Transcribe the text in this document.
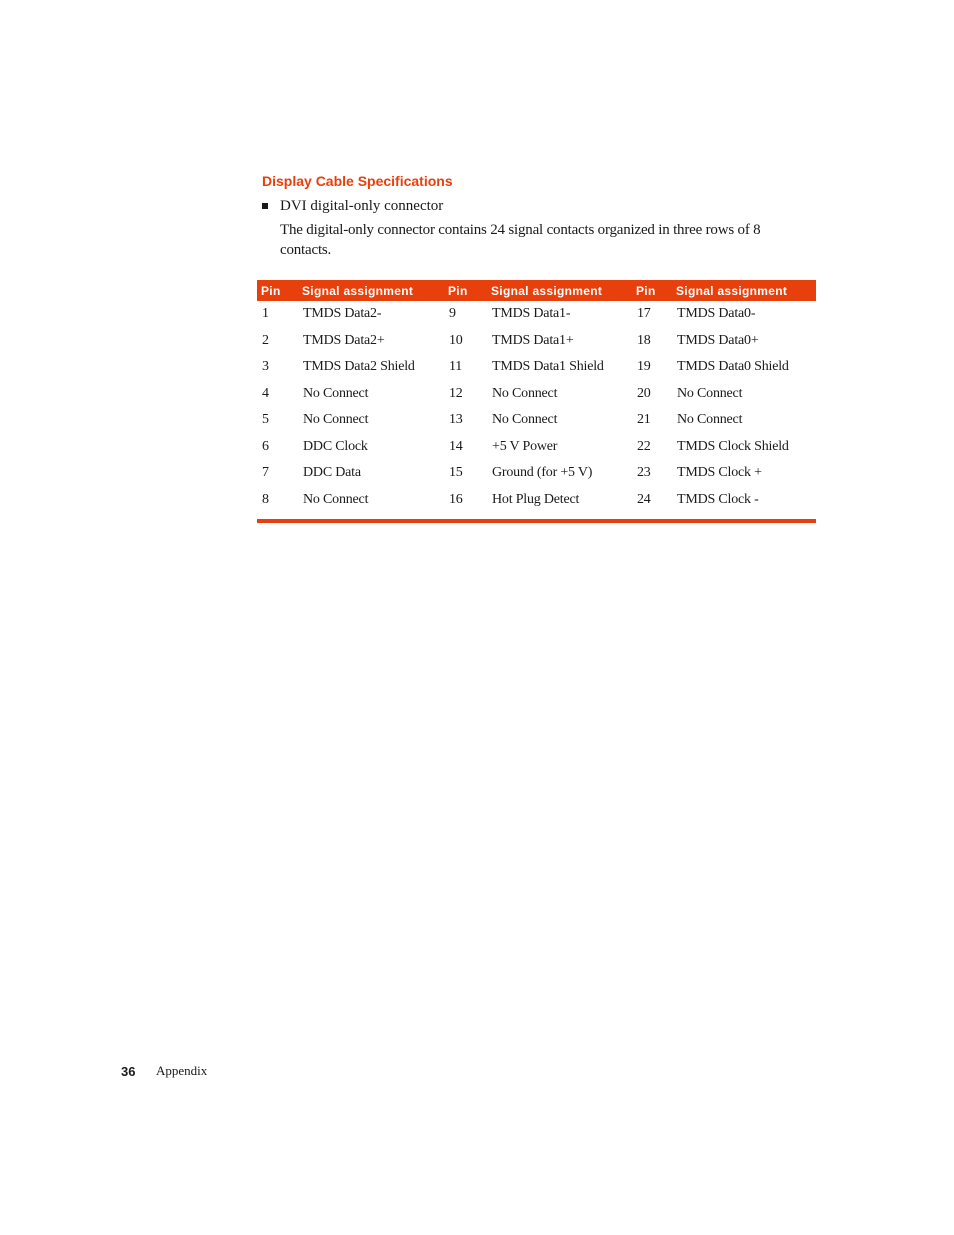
Display Cable Specifications
DVI digital-only connector

The digital-only connector contains 24 signal contacts organized in three rows of 8 contacts.

Pin	Signal assignment	Pin	Signal assignment	Pin	Signal assignment
1	TMDS Data2-	9	TMDS Data1-	17	TMDS Data0-
2	TMDS Data2+	10	TMDS Data1+	18	TMDS Data0+
3	TMDS Data2 Shield	11	TMDS Data1 Shield	19	TMDS Data0 Shield
4	No Connect	12	No Connect	20	No Connect
5	No Connect	13	No Connect	21	No Connect
6	DDC Clock	14	+5 V Power	22	TMDS Clock Shield
7	DDC Data	15	Ground (for +5 V)	23	TMDS Clock +
8	No Connect	16	Hot Plug Detect	24	TMDS Clock -
36 Appendix
